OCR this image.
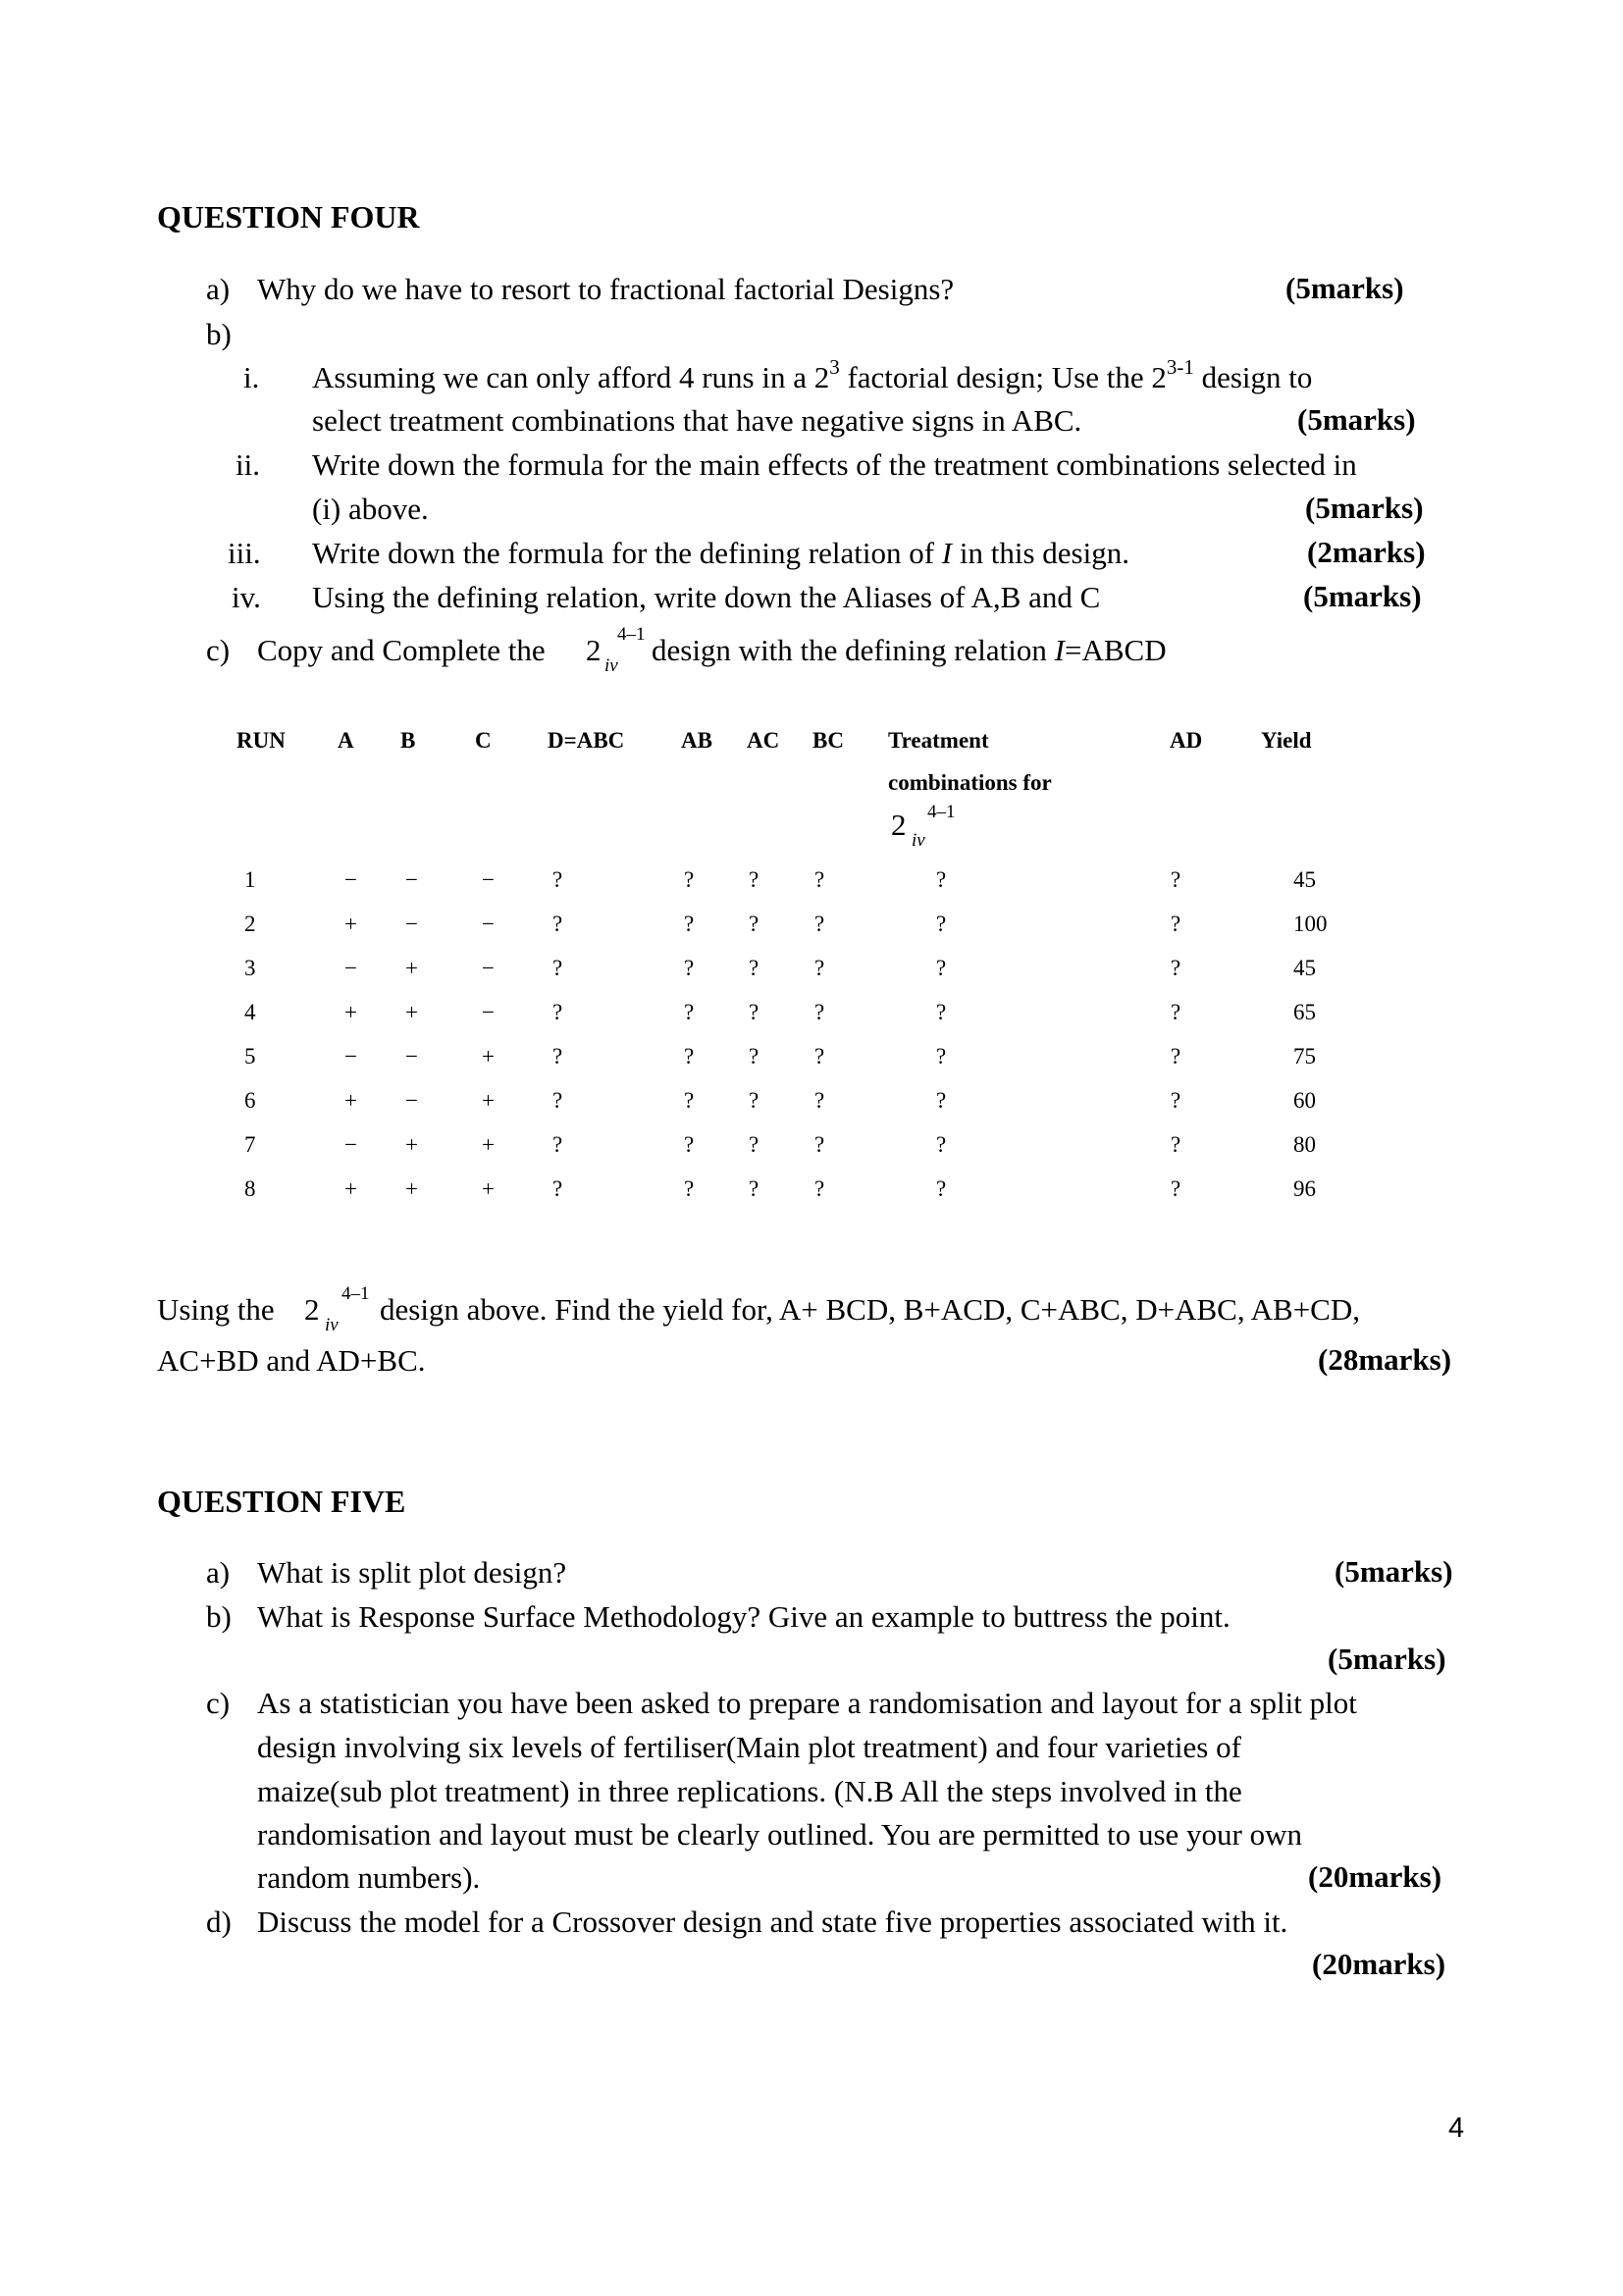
QUESTION FOUR
a) Why do we have to resort to fractional factorial Designs?	(5marks)
b)
i. Assuming we can only afford 4 runs in a $2^3$ factorial design; Use the 2$^{3-1}$ design to
select treatment combinations that have negative signs in ABC.	(5marks)
ii. Write down the formula for the main effects of the treatment combinations selected in
(i) above.	(5marks)
iii. Write down the formula for the defining relation of I in this design.	(2marks)
iv. Using the defining relation, write down the Aliases of A,B and C	(5marks)
c) Copy and Complete the 2 4–1
iv design with the defining relation I=ABCD
RUN A B	C D=ABC	AB AC BC Treatment
combinations for
2 4–1
iv
AD	Yield
1	− −	−	?	? ? ?	?	?	45
2	+ −	−	?	? ? ?	?	?	100
3	− +	−	?	? ? ?	?	?	45
4	+ +	−	?	? ? ?	?	?	65
5	− −	+	?	? ? ?	?	?	75
6	+ −	+	?	? ? ?	?	?	60
7	− +	+	?	? ? ?	?	?	80
8	+ +	+	?	? ? ?	?	?	96
Using the 2 4–1
iv design above. Find the yield for, A+ BCD, B+ACD, C+ABC, D+ABC, AB+CD,
AC+BD and AD+BC.	(28marks)
QUESTION FIVE
a) What is split plot design?	(5marks)
b) What is Response Surface Methodology? Give an example to buttress the point.
(5marks)
c) As a statistician you have been asked to prepare a randomisation and layout for a split plot
design involving six levels of fertiliser(Main plot treatment) and four varieties of
maize(sub plot treatment) in three replications. (N.B All the steps involved in the
randomisation and layout must be clearly outlined. You are permitted to use your own
random numbers).	(20marks)
d) Discuss the model for a Crossover design and state five properties associated with it.
(20marks)
4
